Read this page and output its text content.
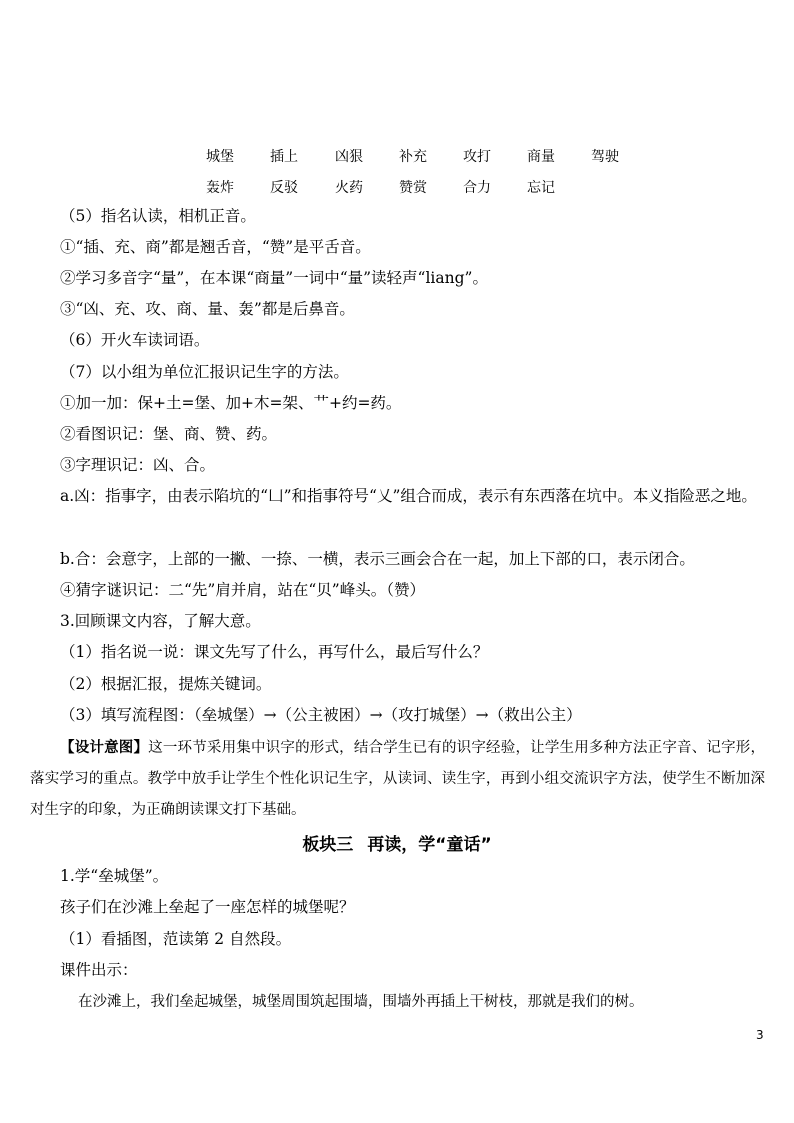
城堡	插上	凶狠	补充	攻打	商量	驾驶
轰炸	反驳	火药	赞赏	合力	忘记
（5）指名认读，相机正音。
①“插、充、商”都是翘舌音，“赞”是平舌音。
②学习多音字“量”，在本课“商量”一词中“量”读轻声“liang”。
③“凶、充、攻、商、量、轰”都是后鼻音。
（6）开火车读词语。
（7）以小组为单位汇报识记生字的方法。
①加一加：保+土=堡、加+木=架、艹+约=药。
②看图识记：堡、商、赞、药。
③字理识记：凶、合。
a.凶：指事字，由表示陷坑的“凵”和指事符号“乂”组合而成，表示有东西落在坑中。本义指险恶之地。
b.合：会意字，上部的一撇、一捺、一横，表示三画会合在一起，加上下部的口，表示闭合。
④猜字谜识记：二“先”肩并肩，站在“贝”峰头。（赞）
3.回顾课文内容，了解大意。
（1）指名说一说：课文先写了什么，再写什么，最后写什么？
（2）根据汇报，提炼关键词。
（3）填写流程图：（垒城堡）→（公主被困）→（攻打城堡）→（救出公主）
【设计意图】这一环节采用集中识字的形式，结合学生已有的识字经验，让学生用多种方法正字音、记字形，落实学习的重点。教学中放手让学生个性化识记生字，从读词、读生字，再到小组交流识字方法，使学生不断加深对生字的印象，为正确朗读课文打下基础。
板块三 再读，学“童话”
1.学“垒城堡”。
孩子们在沙滩上垒起了一座怎样的城堡呢？
（1）看插图，范读第 2 自然段。
课件出示：
在沙滩上，我们垒起城堡，城堡周围筑起围墙，围墙外再插上干树枝，那就是我们的树。
3
